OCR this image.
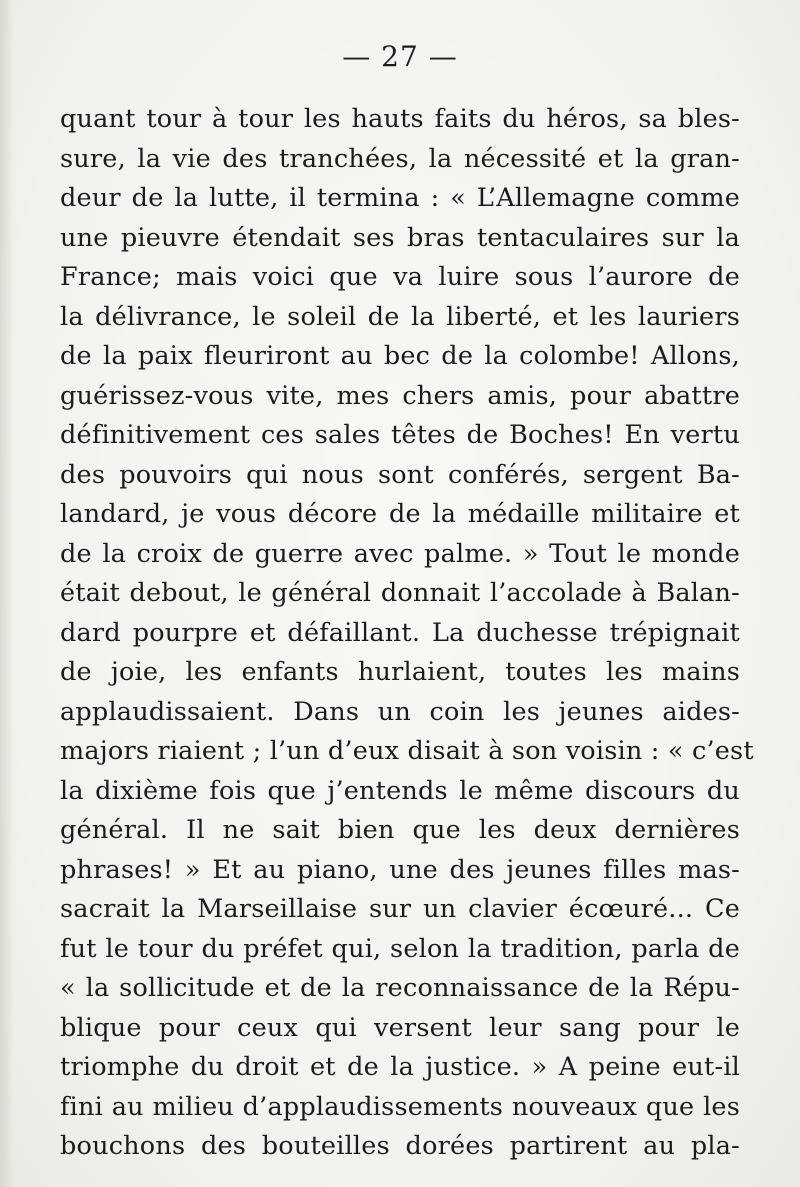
— 27 —
quant tour à tour les hauts faits du héros, sa bles-
sure, la vie des tranchées, la nécessité et la gran-
deur de la lutte, il termina : « L’Allemagne comme
une pieuvre étendait ses bras tentaculaires sur la
France; mais voici que va luire sous l’aurore de
la délivrance, le soleil de la liberté, et les lauriers
de la paix fleuriront au bec de la colombe! Allons,
guérissez-vous vite, mes chers amis, pour abattre
définitivement ces sales têtes de Boches! En vertu
des pouvoirs qui nous sont conférés, sergent Ba-
landard, je vous décore de la médaille militaire et
de la croix de guerre avec palme. » Tout le monde
était debout, le général donnait l’accolade à Balan-
dard pourpre et défaillant. La duchesse trépignait
de joie, les enfants hurlaient, toutes les mains
applaudissaient. Dans un coin les jeunes aides-
majors riaient ; l’un d’eux disait à son voisin : « c’est
la dixième fois que j’entends le même discours du
général. Il ne sait bien que les deux dernières
phrases! » Et au piano, une des jeunes filles mas-
sacrait la Marseillaise sur un clavier écœuré... Ce
fut le tour du préfet qui, selon la tradition, parla de
« la sollicitude et de la reconnaissance de la Répu-
blique pour ceux qui versent leur sang pour le
triomphe du droit et de la justice. » A peine eut-il
fini au milieu d’applaudissements nouveaux que les
bouchons des bouteilles dorées partirent au pla-
